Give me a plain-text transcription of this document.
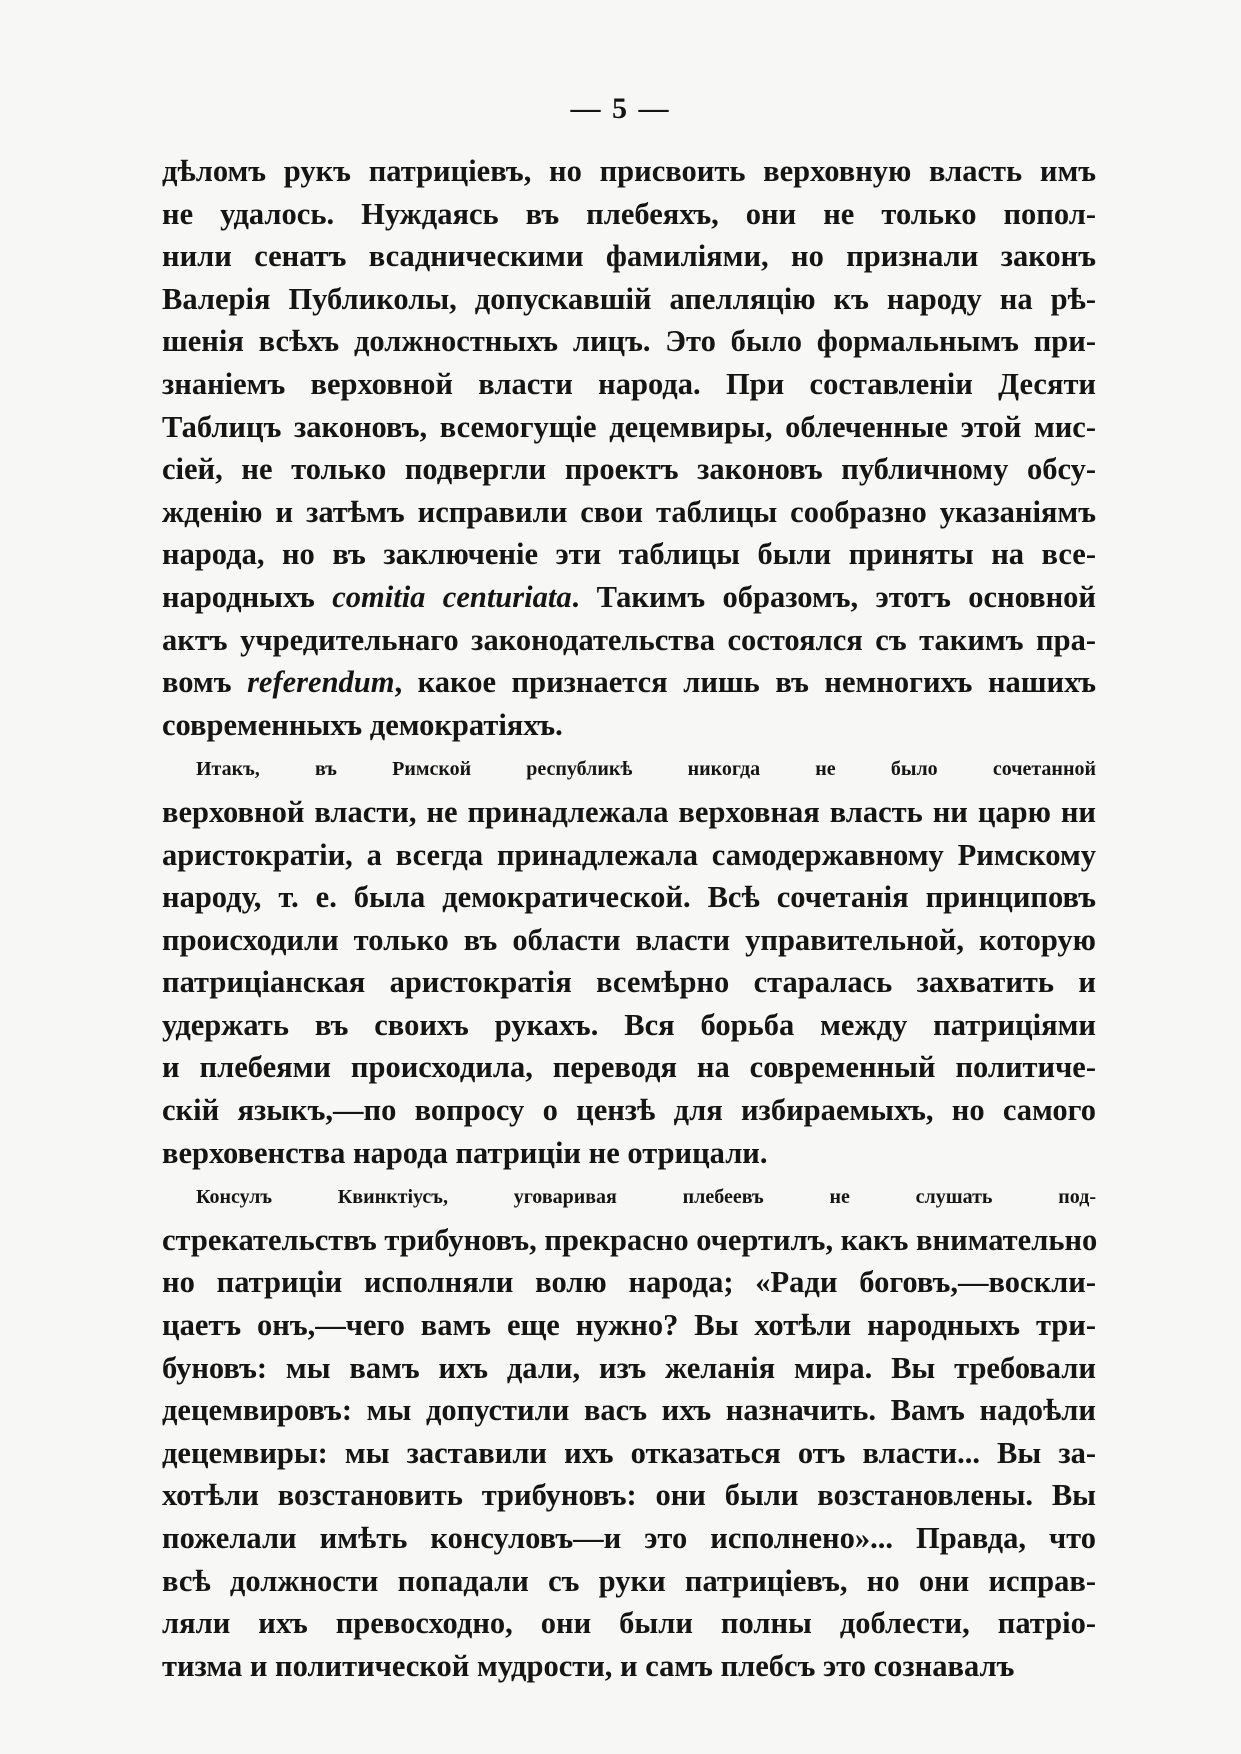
— 5 —
дѣломъ рукъ патриціевъ, но присвоить верховную власть имъ
не удалось. Нуждаясь въ плебеяхъ, они не только попол-
нили сенатъ всадническими фамиліями, но признали законъ
Валерія Публиколы, допускавшій апелляцію къ народу на рѣ-
шенія всѣхъ должностныхъ лицъ. Это было формальнымъ при-
знаніемъ верховной власти народа. При составленіи Десяти
Таблицъ законовъ, всемогущіе децемвиры, облеченные этой мис-
сіей, не только подвергли проектъ законовъ публичному обсу-
жденію и затѣмъ исправили свои таблицы сообразно указаніямъ
народа, но въ заключеніе эти таблицы были приняты на все-
народныхъ comitia centuriata. Такимъ образомъ, этотъ основной
актъ учредительнаго законодательства состоялся съ такимъ пра-
вомъ referendum, какое признается лишь въ немногихъ нашихъ
современныхъ демократіяхъ.
Итакъ, въ Римской республикѣ никогда не было сочетанной
верховной власти, не принадлежала верховная власть ни царю ни
аристократіи, а всегда принадлежала самодержавному Римскому
народу, т. е. была демократической. Всѣ сочетанія принциповъ
происходили только въ области власти управительной, которую
патриціанская аристократія всемѣрно старалась захватить и
удержать въ своихъ рукахъ. Вся борьба между патриціями
и плебеями происходила, переводя на современный политиче-
скій языкъ,—по вопросу о цензѣ для избираемыхъ, но самого
верховенства народа патриціи не отрицали.
Консулъ Квинктіусъ, уговаривая плебеевъ не слушать под-
стрекательствъ трибуновъ, прекрасно очертилъ, какъ внимательно
но патриціи исполняли волю народа; «Ради боговъ,—воскли-
цаетъ онъ,—чего вамъ еще нужно? Вы хотѣли народныхъ три-
буновъ: мы вамъ ихъ дали, изъ желанія мира. Вы требовали
децемвировъ: мы допустили васъ ихъ назначить. Вамъ надоѣли
децемвиры: мы заставили ихъ отказаться отъ власти... Вы за-
хотѣли возстановить трибуновъ: они были возстановлены. Вы
пожелали имѣть консуловъ—и это исполнено»... Правда, что
всѣ должности попадали съ руки патриціевъ, но они исправ-
ляли ихъ превосходно, они были полны доблести, патріо-
тизма и политической мудрости, и самъ плебсъ это сознавалъ
